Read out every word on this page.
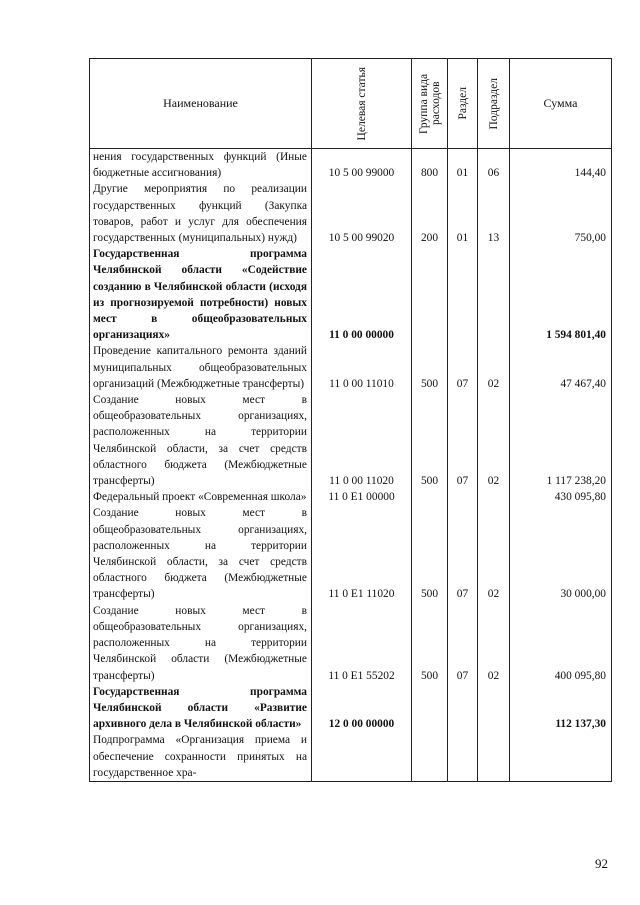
Наименование	Целевая статья	Группа вида расходов	Раздел	Подраздел	Сумма
нения государственных функций (Иные бюджетные ассигнования)	10 5 00 99000	800	01	06	144,40
Другие мероприятия по реализации государственных функций (Закупка товаров, работ и услуг для обеспечения государственных (муниципальных) нужд)	10 5 00 99020	200	01	13	750,00
Государственная программа Челябинской области «Содействие созданию в Челябинской области (исходя из прогнозируемой потребности) новых мест в общеобразовательных организациях»	11 0 00 00000				1 594 801,40
Проведение капитального ремонта зданий муниципальных общеобразовательных организаций (Межбюджетные трансферты)	11 0 00 11010	500	07	02	47 467,40
Создание новых мест в общеобразовательных организациях, расположенных на территории Челябинской области, за счет средств областного бюджета (Межбюджетные трансферты)	11 0 00 11020	500	07	02	1 117 238,20
Федеральный проект «Современная школа»	11 0 E1 00000				430 095,80
Создание новых мест в общеобразовательных организациях, расположенных на территории Челябинской области, за счет средств областного бюджета (Межбюджетные трансферты)	11 0 E1 11020	500	07	02	30 000,00
Создание новых мест в общеобразовательных организациях, расположенных на территории Челябинской области (Межбюджетные трансферты)	11 0 E1 55202	500	07	02	400 095,80
Государственная программа Челябинской области «Развитие архивного дела в Челябинской области»	12 0 00 00000				112 137,30
Подпрограмма «Организация приема и обеспечение сохранности принятых на государственное хра-					
92
